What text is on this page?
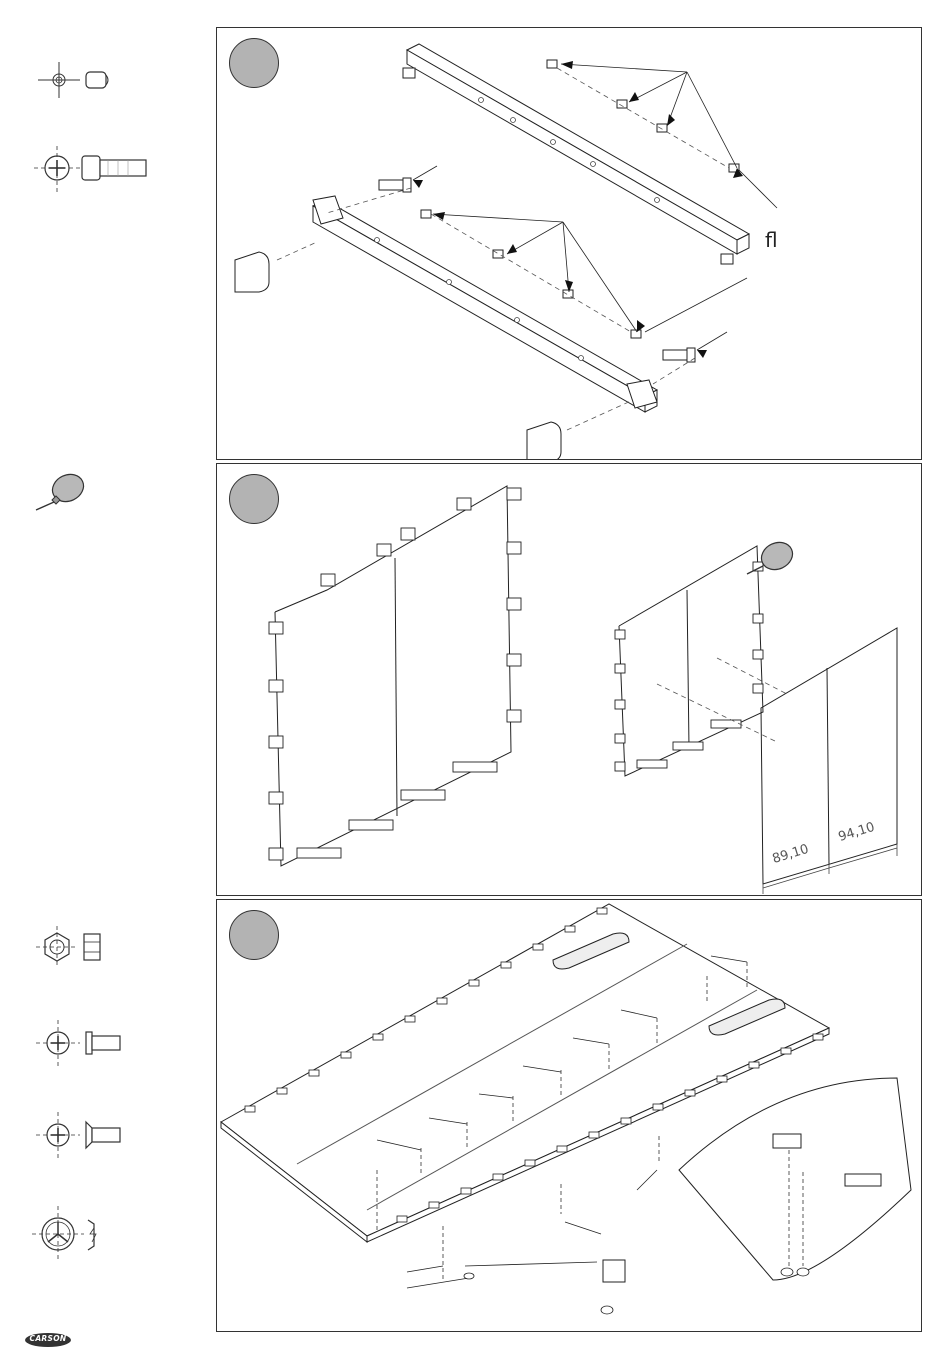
CARSON
fl
89,10
94,10
